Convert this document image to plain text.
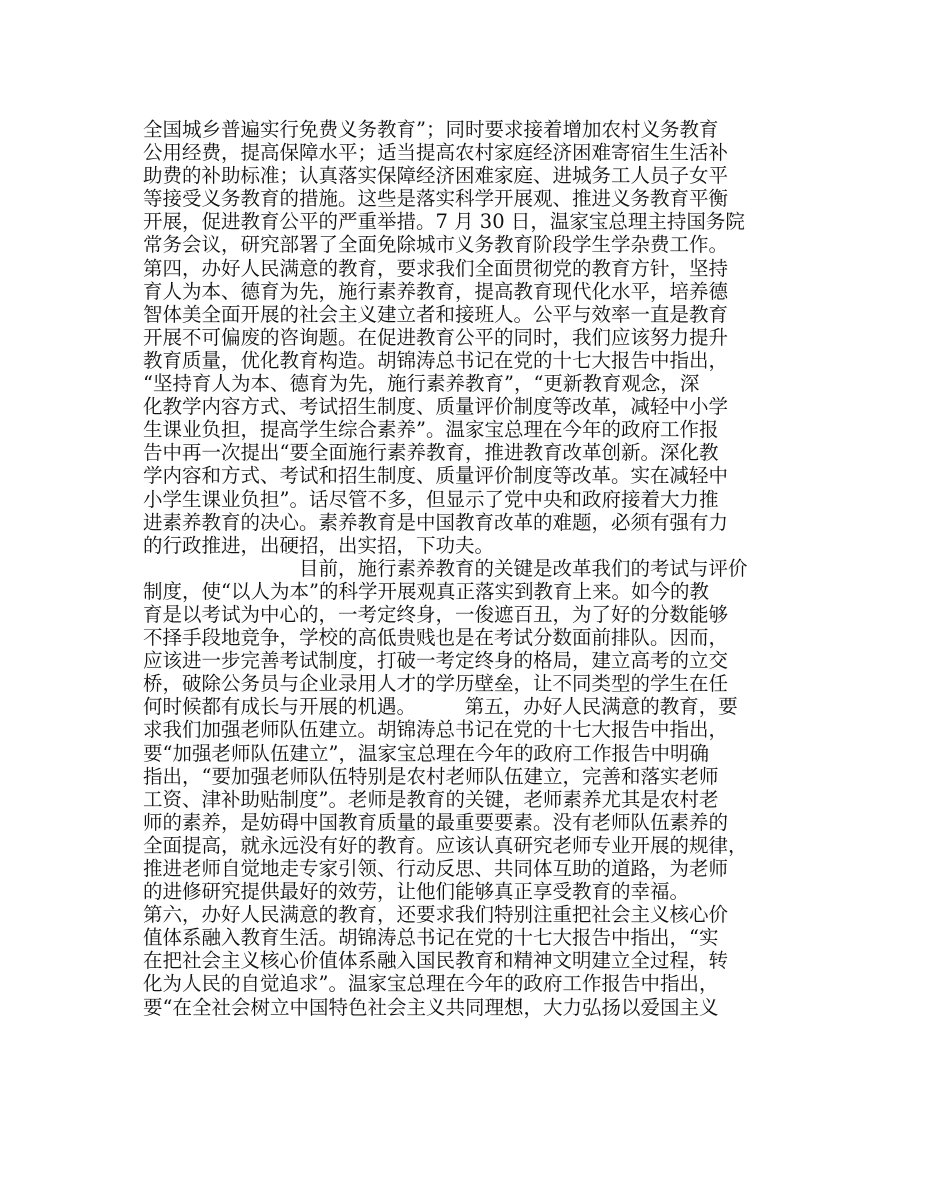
全国城乡普遍实行免费义务教育”；同时要求接着增加农村义务教育
公用经费，提高保障水平；适当提高农村家庭经济困难寄宿生生活补
助费的补助标准；认真落实保障经济困难家庭、进城务工人员子女平
等接受义务教育的措施。这些是落实科学开展观、推进义务教育平衡
开展，促进教育公平的严重举措。7 月 30 日，温家宝总理主持国务院
常务会议，研究部署了全面免除城市义务教育阶段学生学杂费工作。
第四，办好人民满意的教育，要求我们全面贯彻党的教育方针，坚持
育人为本、德育为先，施行素养教育，提高教育现代化水平，培养德
智体美全面开展的社会主义建立者和接班人。公平与效率一直是教育
开展不可偏废的咨询题。在促进教育公平的同时，我们应该努力提升
教育质量，优化教育构造。胡锦涛总书记在党的十七大报告中指出，
“坚持育人为本、德育为先，施行素养教育”，“更新教育观念，深
化教学内容方式、考试招生制度、质量评价制度等改革，减轻中小学
生课业负担，提高学生综合素养”。温家宝总理在今年的政府工作报
告中再一次提出“要全面施行素养教育，推进教育改革创新。深化教
学内容和方式、考试和招生制度、质量评价制度等改革。实在减轻中
小学生课业负担”。话尽管不多，但显示了党中央和政府接着大力推
进素养教育的决心。素养教育是中国教育改革的难题，必须有强有力
的行政推进，出硬招，出实招，下功夫。
　　　　　　　　目前，施行素养教育的关键是改革我们的考试与评价
制度，使“以人为本”的科学开展观真正落实到教育上来。如今的教
育是以考试为中心的，一考定终身，一俊遮百丑，为了好的分数能够
不择手段地竞争，学校的高低贵贱也是在考试分数面前排队。因而，
应该进一步完善考试制度，打破一考定终身的格局，建立高考的立交
桥，破除公务员与企业录用人才的学历壁垒，让不同类型的学生在任
何时候都有成长与开展的机遇。　　　第五，办好人民满意的教育，要
求我们加强老师队伍建立。胡锦涛总书记在党的十七大报告中指出，
要“加强老师队伍建立”，温家宝总理在今年的政府工作报告中明确
指出，“要加强老师队伍特别是农村老师队伍建立，完善和落实老师
工资、津补助贴制度”。老师是教育的关键，老师素养尤其是农村老
师的素养，是妨碍中国教育质量的最重要要素。没有老师队伍素养的
全面提高，就永远没有好的教育。应该认真研究老师专业开展的规律，
推进老师自觉地走专家引领、行动反思、共同体互助的道路，为老师
的进修研究提供最好的效劳，让他们能够真正享受教育的幸福。
第六，办好人民满意的教育，还要求我们特别注重把社会主义核心价
值体系融入教育生活。胡锦涛总书记在党的十七大报告中指出，“实
在把社会主义核心价值体系融入国民教育和精神文明建立全过程，转
化为人民的自觉追求”。温家宝总理在今年的政府工作报告中指出，
要“在全社会树立中国特色社会主义共同理想，大力弘扬以爱国主义
